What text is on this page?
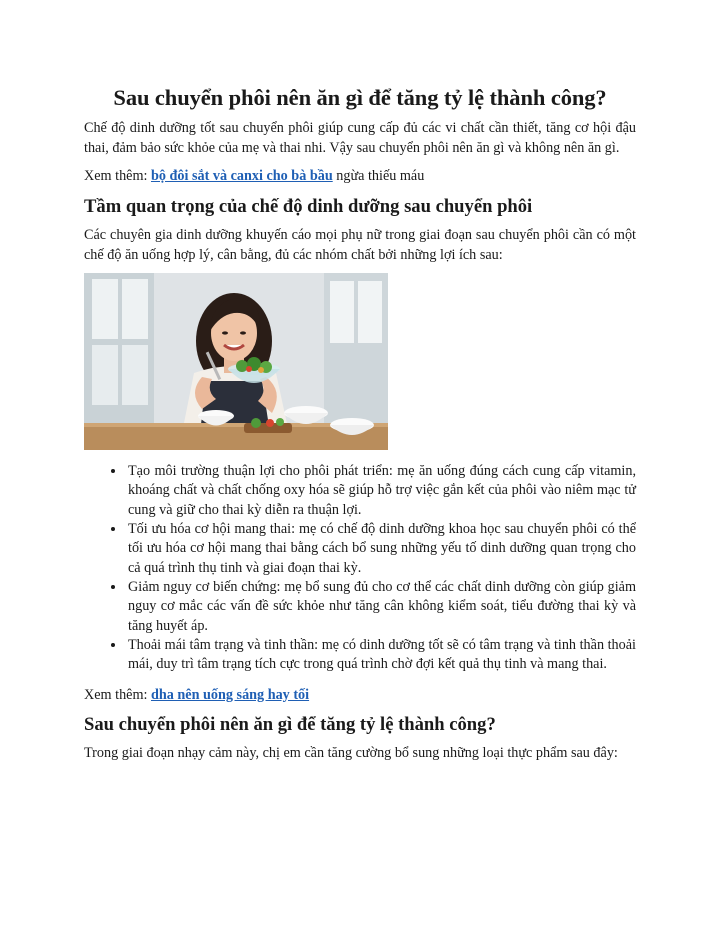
Sau chuyển phôi nên ăn gì để tăng tỷ lệ thành công?

Chế độ dinh dưỡng tốt sau chuyển phôi giúp cung cấp đủ các vi chất cần thiết, tăng cơ hội đậu thai, đảm bảo sức khỏe của mẹ và thai nhi. Vậy sau chuyển phôi nên ăn gì và không nên ăn gì.

Xem thêm: bộ đôi sắt và canxi cho bà bầu ngừa thiếu máu

Tầm quan trọng của chế độ dinh dưỡng sau chuyển phôi

Các chuyên gia dinh dưỡng khuyến cáo mọi phụ nữ trong giai đoạn sau chuyển phôi cần có một chế độ ăn uống hợp lý, cân bằng, đủ các nhóm chất bởi những lợi ích sau:

• Tạo môi trường thuận lợi cho phôi phát triển: mẹ ăn uống đúng cách cung cấp vitamin, khoáng chất và chất chống oxy hóa sẽ giúp hỗ trợ việc gắn kết của phôi vào niêm mạc tử cung và giữ cho thai kỳ diễn ra thuận lợi.
• Tối ưu hóa cơ hội mang thai: mẹ có chế độ dinh dưỡng khoa học sau chuyển phôi có thể tối ưu hóa cơ hội mang thai bằng cách bổ sung những yếu tố dinh dưỡng quan trọng cho cả quá trình thụ tinh và giai đoạn thai kỳ.
• Giảm nguy cơ biến chứng: mẹ bổ sung đủ cho cơ thể các chất dinh dưỡng còn giúp giảm nguy cơ mắc các vấn đề sức khỏe như tăng cân không kiểm soát, tiểu đường thai kỳ và tăng huyết áp.
• Thoải mái tâm trạng và tinh thần: mẹ có dinh dưỡng tốt sẽ có tâm trạng và tinh thần thoải mái, duy trì tâm trạng tích cực trong quá trình chờ đợi kết quả thụ tinh và mang thai.

Xem thêm: dha nên uống sáng hay tối

Sau chuyển phôi nên ăn gì để tăng tỷ lệ thành công?

Trong giai đoạn nhạy cảm này, chị em cần tăng cường bổ sung những loại thực phẩm sau đây:
